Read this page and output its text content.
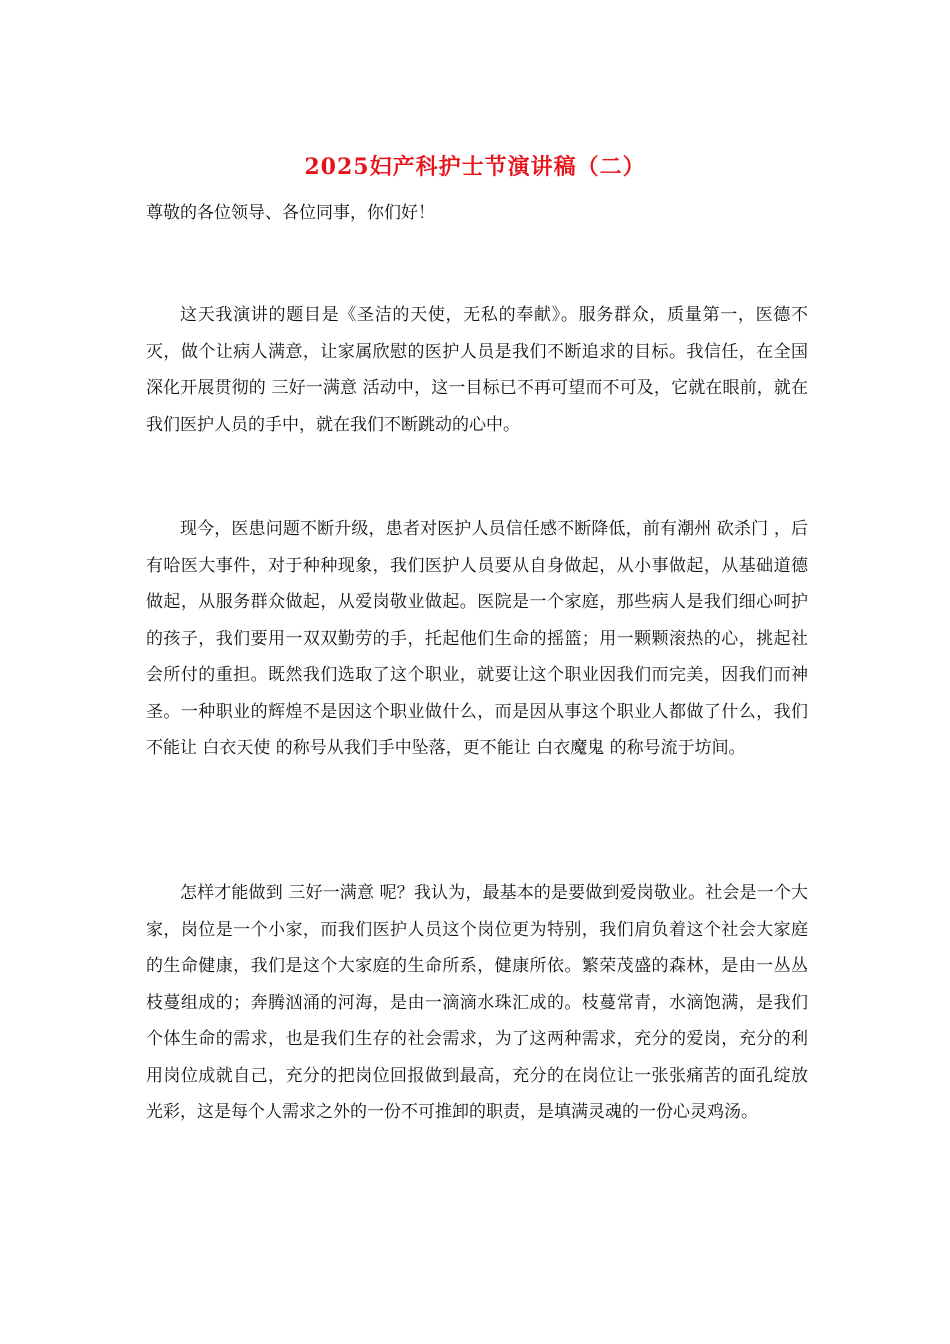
2025妇产科护士节演讲稿（二）
尊敬的各位领导、各位同事，你们好！

这天我演讲的题目是《圣洁的天使，无私的奉献》。服务群众，质量第一，医德不灭，做个让病人满意，让家属欣慰的医护人员是我们不断追求的目标。我信任，在全国深化开展贯彻的 三好一满意 活动中，这一目标已不再可望而不可及，它就在眼前，就在我们医护人员的手中，就在我们不断跳动的心中。

现今，医患问题不断升级，患者对医护人员信任感不断降低，前有潮州 砍杀门 ，后有哈医大事件，对于种种现象，我们医护人员要从自身做起，从小事做起，从基础道德做起，从服务群众做起，从爱岗敬业做起。医院是一个家庭，那些病人是我们细心呵护的孩子，我们要用一双双勤劳的手，托起他们生命的摇篮；用一颗颗滚热的心，挑起社会所付的重担。既然我们选取了这个职业，就要让这个职业因我们而完美，因我们而神圣。一种职业的辉煌不是因这个职业做什么，而是因从事这个职业人都做了什么，我们不能让 白衣天使 的称号从我们手中坠落，更不能让 白衣魔鬼 的称号流于坊间。

怎样才能做到 三好一满意 呢？我认为，最基本的是要做到爱岗敬业。社会是一个大家，岗位是一个小家，而我们医护人员这个岗位更为特别，我们肩负着这个社会大家庭的生命健康，我们是这个大家庭的生命所系，健康所依。繁荣茂盛的森林，是由一丛丛枝蔓组成的；奔腾汹涌的河海，是由一滴滴水珠汇成的。枝蔓常青，水滴饱满，是我们个体生命的需求，也是我们生存的社会需求，为了这两种需求，充分的爱岗，充分的利用岗位成就自己，充分的把岗位回报做到最高，充分的在岗位让一张张痛苦的面孔绽放光彩，这是每个人需求之外的一份不可推卸的职责，是填满灵魂的一份心灵鸡汤。
